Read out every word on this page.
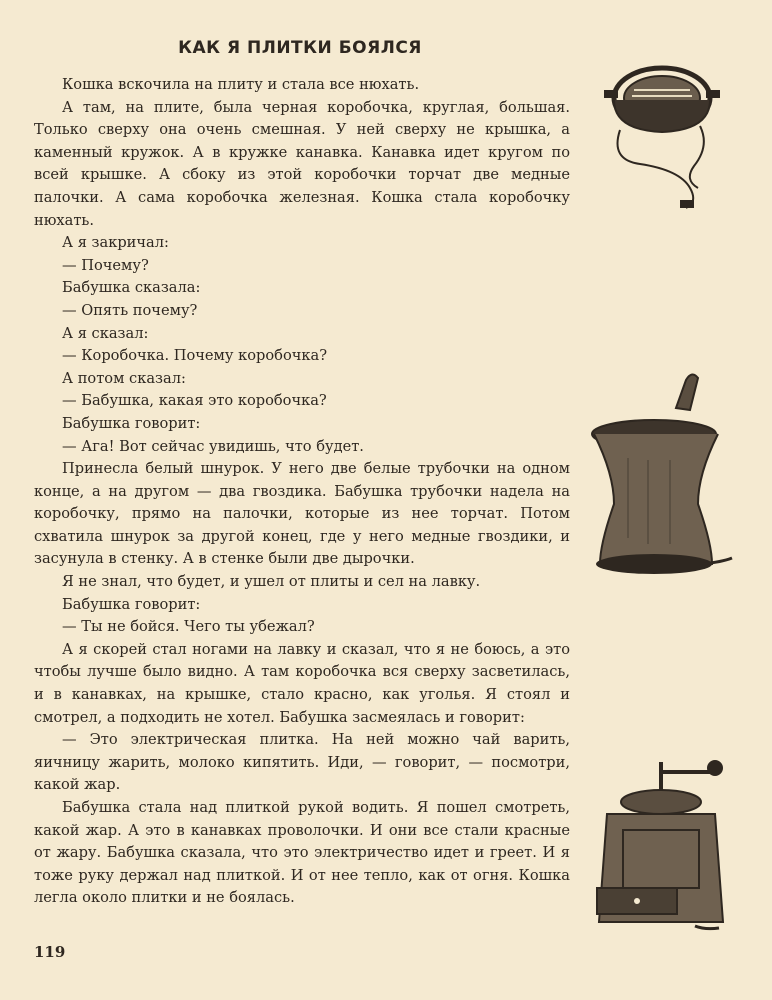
КАК Я ПЛИТКИ БОЯЛСЯ

Кошка вскочила на плиту и стала все нюхать.

А там, на плите, была черная коробочка, круглая, большая. Только сверху она очень смешная. У ней сверху не крышка, а каменный кружок. А в кружке канавка. Канавка идет кругом по всей крышке. А сбоку из этой коробочки торчат две медные палочки. А сама коробочка железная. Кошка стала коробочку нюхать.

А я закричал:

— Почему?

Бабушка сказала:

— Опять почему?

А я сказал:

— Коробочка. Почему коробочка?

А потом сказал:

— Бабушка, какая это коробочка?

Бабушка говорит:

— Ага! Вот сейчас увидишь, что будет.

Принесла белый шнурок. У него две белые трубочки на одном конце, а на другом — два гвоздика. Бабушка трубочки надела на коробочку, прямо на палочки, которые из нее торчат. Потом схватила шнурок за другой конец, где у него медные гвоздики, и засунула в стенку. А в стенке были две дырочки.

Я не знал, что будет, и ушел от плиты и сел на лавку.

Бабушка говорит:

— Ты не бойся. Чего ты убежал?

А я скорей стал ногами на лавку и сказал, что я не боюсь, а это чтобы лучше было видно. А там коробочка вся сверху засветилась, и в канавках, на крышке, стало красно, как уголья. Я стоял и смотрел, а подходить не хотел. Бабушка засмеялась и говорит:

— Это электрическая плитка. На ней можно чай варить, яичницу жарить, молоко кипятить. Иди, — говорит, — посмотри, какой жар.

Бабушка стала над плиткой рукой водить. Я пошел смотреть, какой жар. А это в канавках проволочки. И они все стали красные от жару. Бабушка сказала, что это электричество идет и греет. И я тоже руку держал над плиткой. И от нее тепло, как от огня. Кошка легла около плитки и не боялась.

119
